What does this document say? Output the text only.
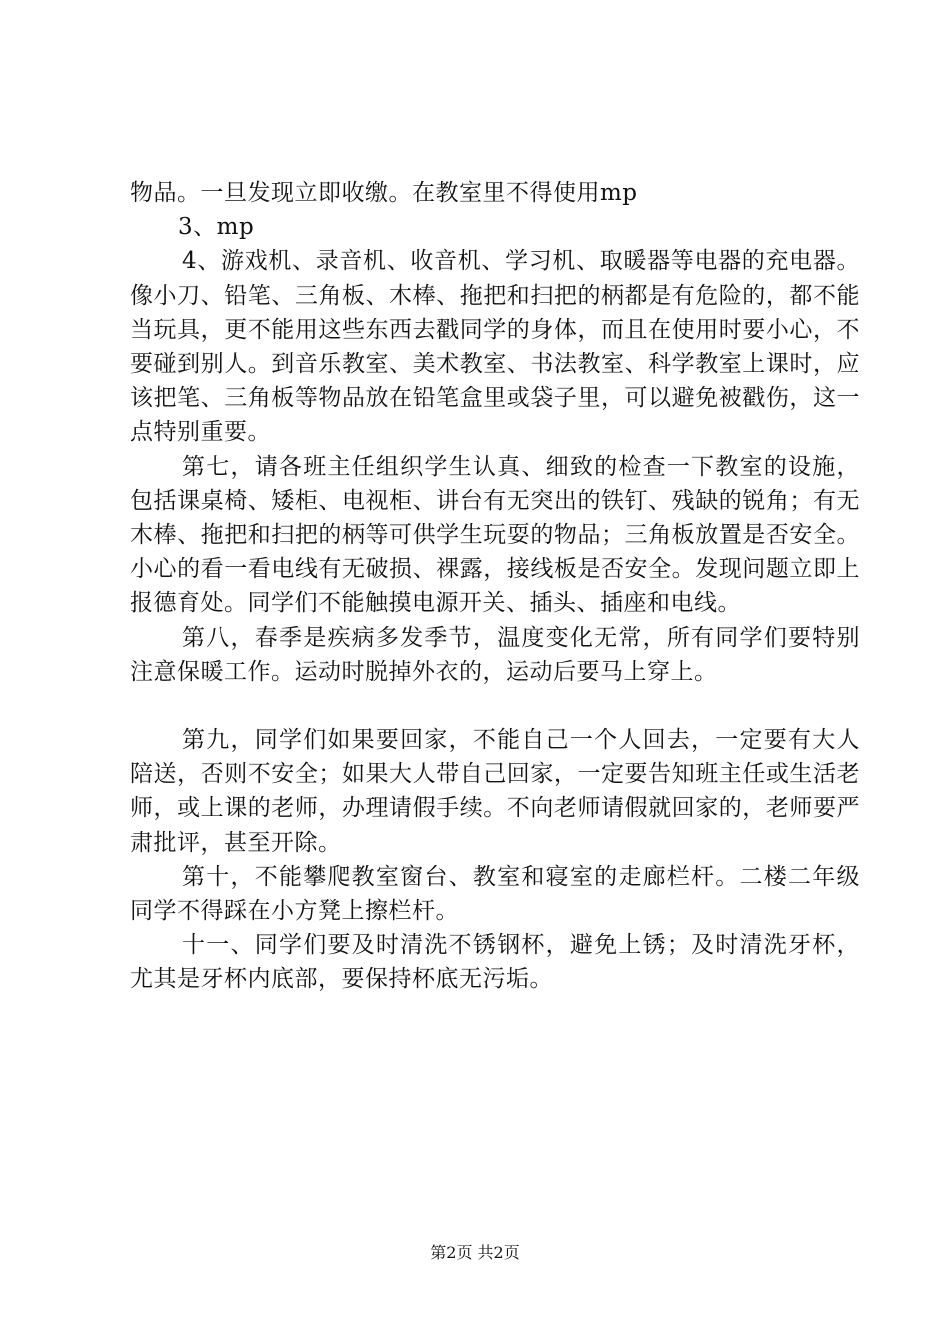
物品。一旦发现立即收缴。在教室里不得使用mp

3、mp

4、游戏机、录音机、收音机、学习机、取暖器等电器的充电器。像小刀、铅笔、三角板、木棒、拖把和扫把的柄都是有危险的，都不能当玩具，更不能用这些东西去戳同学的身体，而且在使用时要小心，不要碰到别人。到音乐教室、美术教室、书法教室、科学教室上课时，应该把笔、三角板等物品放在铅笔盒里或袋子里，可以避免被戳伤，这一点特别重要。

第七，请各班主任组织学生认真、细致的检查一下教室的设施，包括课桌椅、矮柜、电视柜、讲台有无突出的铁钉、残缺的锐角；有无木棒、拖把和扫把的柄等可供学生玩耍的物品；三角板放置是否安全。小心的看一看电线有无破损、裸露，接线板是否安全。发现问题立即上报德育处。同学们不能触摸电源开关、插头、插座和电线。

第八，春季是疾病多发季节，温度变化无常，所有同学们要特别注意保暖工作。运动时脱掉外衣的，运动后要马上穿上。

第九，同学们如果要回家，不能自己一个人回去，一定要有大人陪送，否则不安全；如果大人带自己回家，一定要告知班主任或生活老师，或上课的老师，办理请假手续。不向老师请假就回家的，老师要严肃批评，甚至开除。

第十，不能攀爬教室窗台、教室和寝室的走廊栏杆。二楼二年级同学不得踩在小方凳上擦栏杆。

十一、同学们要及时清洗不锈钢杯，避免上锈；及时清洗牙杯，尤其是牙杯内底部，要保持杯底无污垢。

第2页 共2页
